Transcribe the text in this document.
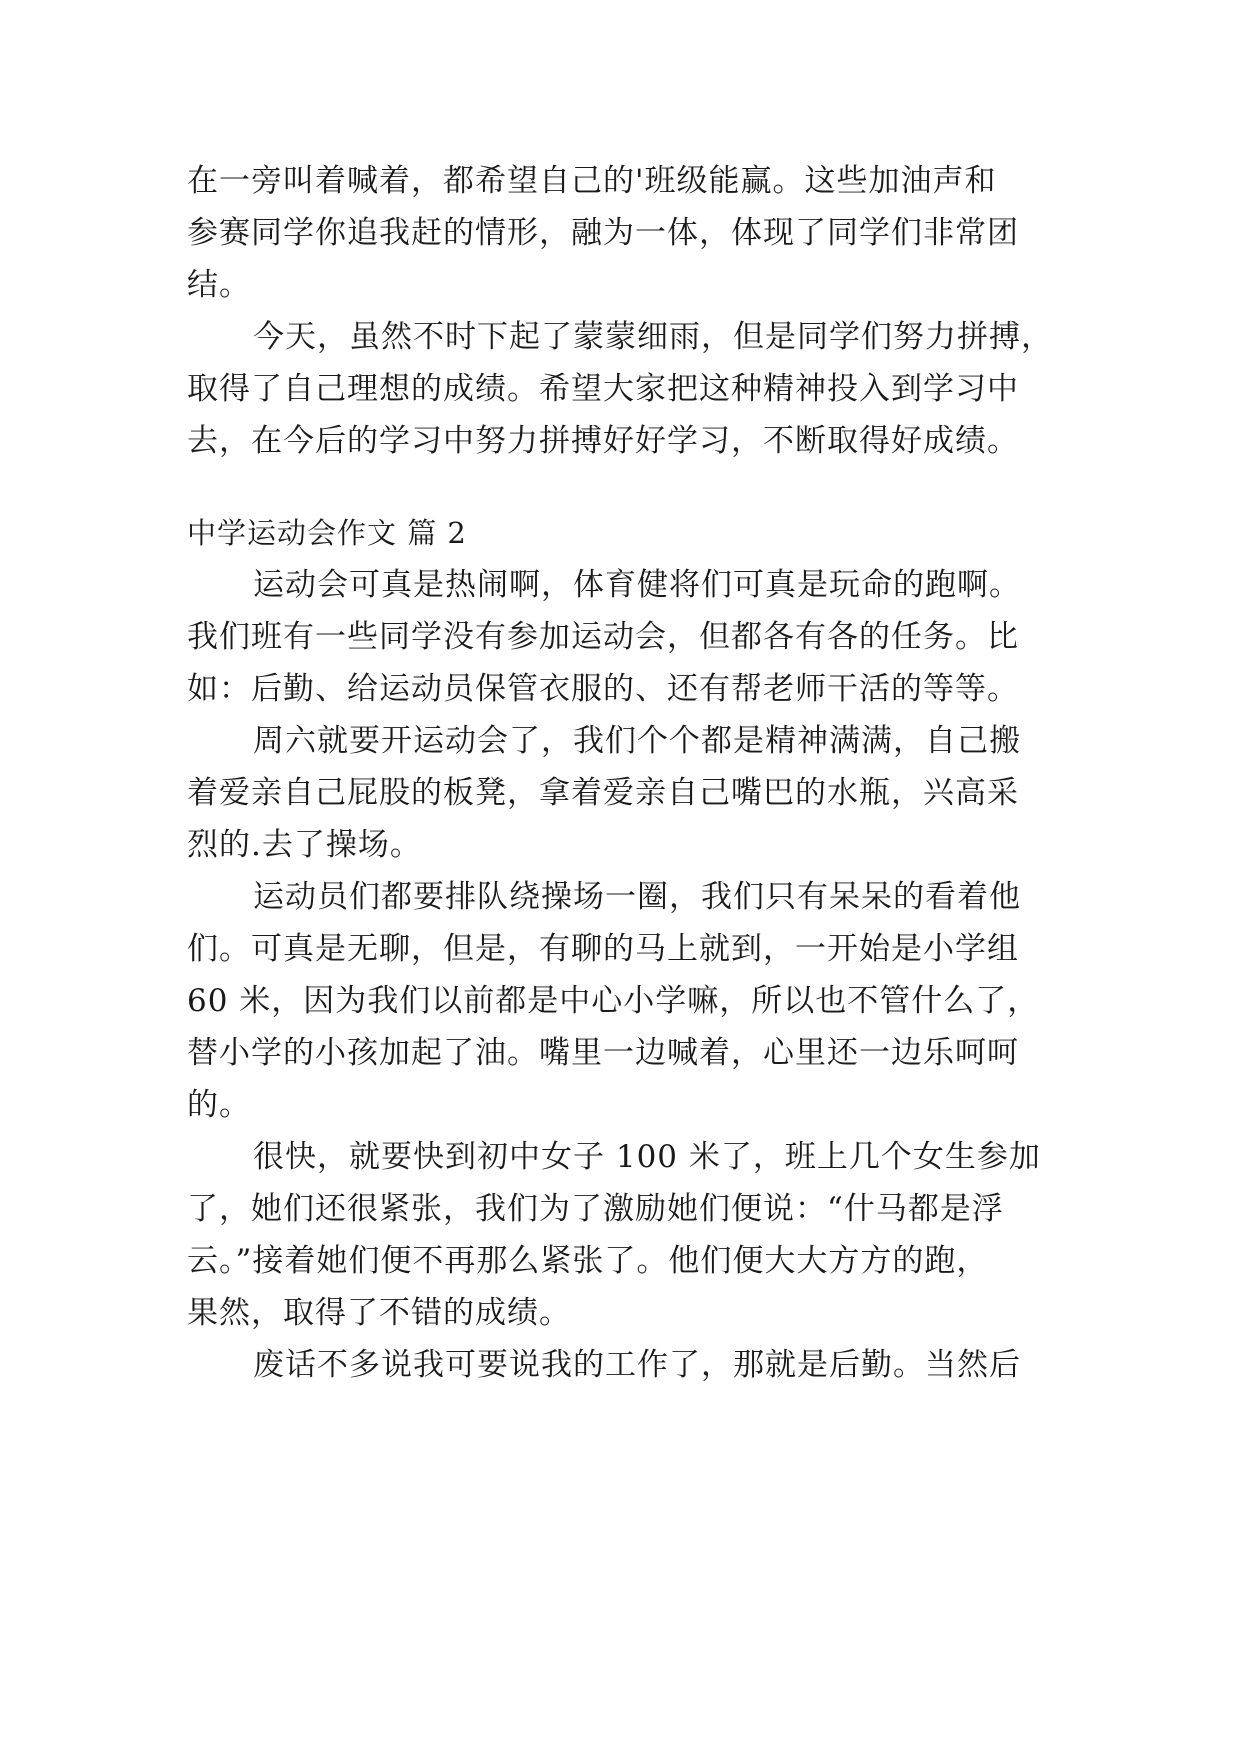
在一旁叫着喊着，都希望自己的'班级能赢。这些加油声和
参赛同学你追我赶的情形，融为一体，体现了同学们非常团
结。
今天，虽然不时下起了蒙蒙细雨，但是同学们努力拼搏，
取得了自己理想的成绩。希望大家把这种精神投入到学习中
去，在今后的学习中努力拼搏好好学习，不断取得好成绩。
中学运动会作文 篇 2
运动会可真是热闹啊，体育健将们可真是玩命的跑啊。
我们班有一些同学没有参加运动会，但都各有各的任务。比
如：后勤、给运动员保管衣服的、还有帮老师干活的等等。
周六就要开运动会了，我们个个都是精神满满，自己搬
着爱亲自己屁股的板凳，拿着爱亲自己嘴巴的水瓶，兴高采
烈的.去了操场。
运动员们都要排队绕操场一圈，我们只有呆呆的看着他
们。可真是无聊，但是，有聊的马上就到，一开始是小学组
60 米，因为我们以前都是中心小学嘛，所以也不管什么了，
替小学的小孩加起了油。嘴里一边喊着，心里还一边乐呵呵
的。
很快，就要快到初中女子 100 米了，班上几个女生参加
了，她们还很紧张，我们为了激励她们便说：“什马都是浮
云。”接着她们便不再那么紧张了。他们便大大方方的跑，
果然，取得了不错的成绩。
废话不多说我可要说我的工作了，那就是后勤。当然后
